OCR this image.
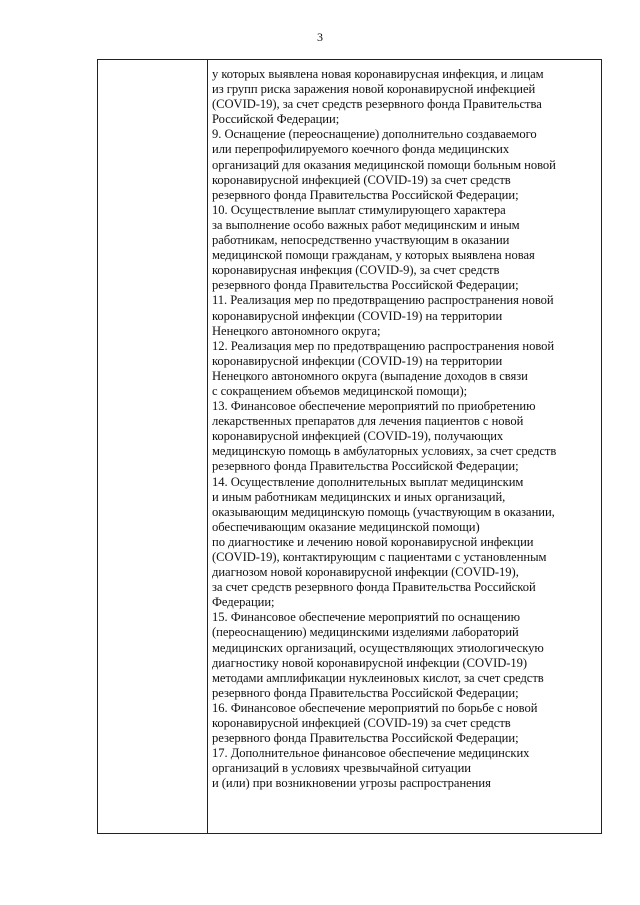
3
у которых выявлена новая коронавирусная инфекция, и лицам
из групп риска заражения новой коронавирусной инфекцией
(COVID-19), за счет средств резервного фонда Правительства
Российской Федерации;
9. Оснащение (переоснащение) дополнительно создаваемого
или перепрофилируемого коечного фонда медицинских
организаций для оказания медицинской помощи больным новой
коронавирусной инфекцией (COVID-19) за счет средств
резервного фонда Правительства Российской Федерации;
10. Осуществление выплат стимулирующего характера
за выполнение особо важных работ медицинским и иным
работникам, непосредственно участвующим в оказании
медицинской помощи гражданам, у которых выявлена новая
коронавирусная инфекция (COVID-9), за счет средств
резервного фонда Правительства Российской Федерации;
11. Реализация мер по предотвращению распространения новой
коронавирусной инфекции (COVID-19) на территории
Ненецкого автономного округа;
12. Реализация мер по предотвращению распространения новой
коронавирусной инфекции (COVID-19) на территории
Ненецкого автономного округа (выпадение доходов в связи
с сокращением объемов медицинской помощи);
13. Финансовое обеспечение мероприятий по приобретению
лекарственных препаратов для лечения пациентов с новой
коронавирусной инфекцией (COVID-19), получающих
медицинскую помощь в амбулаторных условиях, за счет средств
резервного фонда Правительства Российской Федерации;
14. Осуществление дополнительных выплат медицинским
и иным работникам медицинских и иных организаций,
оказывающим медицинскую помощь (участвующим в оказании,
обеспечивающим оказание медицинской помощи)
по диагностике и лечению новой коронавирусной инфекции
(COVID-19), контактирующим с пациентами с установленным
диагнозом новой коронавирусной инфекции (COVID-19),
за счет средств резервного фонда Правительства Российской
Федерации;
15. Финансовое обеспечение мероприятий по оснащению
(переоснащению) медицинскими изделиями лабораторий
медицинских организаций, осуществляющих этиологическую
диагностику новой коронавирусной инфекции (COVID-19)
методами амплификации нуклеиновых кислот, за счет средств
резервного фонда Правительства Российской Федерации;
16. Финансовое обеспечение мероприятий по борьбе с новой
коронавирусной инфекцией (COVID-19) за счет средств
резервного фонда Правительства Российской Федерации;
17. Дополнительное финансовое обеспечение медицинских
организаций в условиях чрезвычайной ситуации
и (или) при возникновении угрозы распространения
